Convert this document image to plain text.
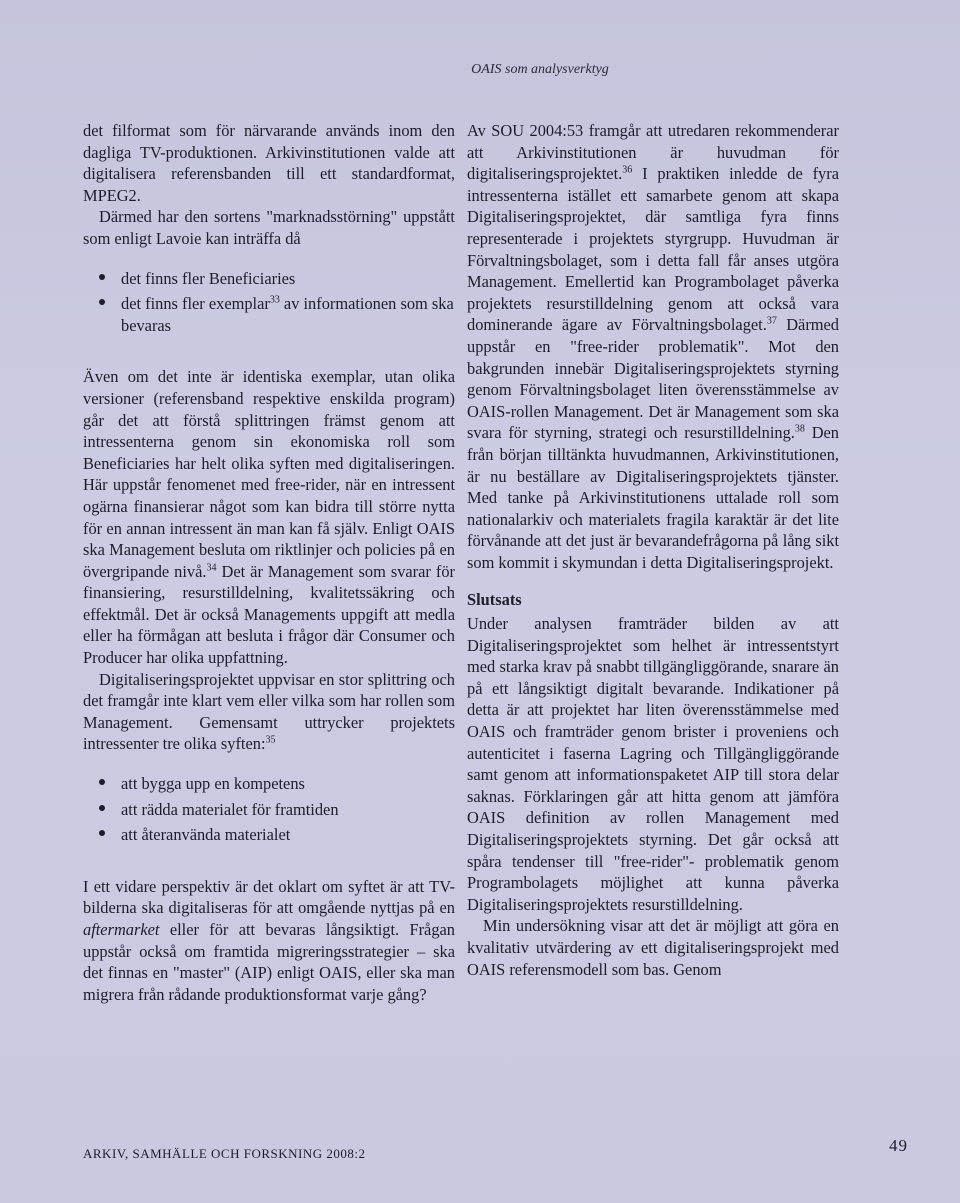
OAIS som analysverktyg

det filformat som för närvarande används inom den dagliga TV-produktionen. Arkivinstitutionen valde att digitalisera referensbanden till ett standardformat, MPEG2.

Därmed har den sortens "marknadsstörning" uppstått som enligt Lavoie kan inträffa då

det finns fler Beneficiaries
det finns fler exemplar$^{33}$ av informationen som ska bevaras

Även om det inte är identiska exemplar, utan olika versioner (referensband respektive enskilda program) går det att förstå splittringen främst genom att intressenterna genom sin ekonomiska roll som Beneficiaries har helt olika syften med digitaliseringen. Här uppstår fenomenet med free-rider, när en intressent ogärna finansierar något som kan bidra till större nytta för en annan intressent än man kan få själv. Enligt OAIS ska Management besluta om riktlinjer och policies på en övergripande nivå.$^{34}$ Det är Management som svarar för finansiering, resurstilldelning, kvalitetssäkring och effektmål. Det är också Managements uppgift att medla eller ha förmågan att besluta i frågor där Consumer och Producer har olika uppfattning.

Digitaliseringsprojektet uppvisar en stor splittring och det framgår inte klart vem eller vilka som har rollen som Management. Gemensamt uttrycker projektets intressenter tre olika syften:$^{35}$

att bygga upp en kompetens
att rädda materialet för framtiden
att återanvända materialet

I ett vidare perspektiv är det oklart om syftet är att TV-bilderna ska digitaliseras för att omgående nyttjas på en aftermarket eller för att bevaras långsiktigt. Frågan uppstår också om framtida migreringsstrategier – ska det finnas en "master" (AIP) enligt OAIS, eller ska man migrera från rådande produktionsformat varje gång?

Av SOU 2004:53 framgår att utredaren rekommenderar att Arkivinstitutionen är huvudman för digitaliseringsprojektet.$^{36}$ I praktiken inledde de fyra intressenterna istället ett samarbete genom att skapa Digitaliseringsprojektet, där samtliga fyra finns representerade i projektets styrgrupp. Huvudman är Förvaltningsbolaget, som i detta fall får anses utgöra Management. Emellertid kan Programbolaget påverka projektets resurstilldelning genom att också vara dominerande ägare av Förvaltningsbolaget.$^{37}$ Därmed uppstår en "free-rider problematik". Mot den bakgrunden innebär Digitaliseringsprojektets styrning genom Förvaltningsbolaget liten överensstämmelse av OAIS-rollen Management. Det är Management som ska svara för styrning, strategi och resurstilldelning.$^{38}$ Den från början tilltänkta huvudmannen, Arkivinstitutionen, är nu beställare av Digitaliseringsprojektets tjänster. Med tanke på Arkivinstitutionens uttalade roll som nationalarkiv och materialets fragila karaktär är det lite förvånande att det just är bevarandefrågorna på lång sikt som kommit i skymundan i detta Digitaliseringsprojekt.

Slutsats

Under analysen framträder bilden av att Digitaliseringsprojektet som helhet är intressentstyrt med starka krav på snabbt tillgängliggörande, snarare än på ett långsiktigt digitalt bevarande. Indikationer på detta är att projektet har liten överensstämmelse med OAIS och framträder genom brister i proveniens och autenticitet i faserna Lagring och Tillgängliggörande samt genom att informationspaketet AIP till stora delar saknas. Förklaringen går att hitta genom att jämföra OAIS definition av rollen Management med Digitaliseringsprojektets styrning. Det går också att spåra tendenser till "free-rider"- problematik genom Programbolagets möjlighet att kunna påverka Digitaliseringsprojektets resurstilldelning.

Min undersökning visar att det är möjligt att göra en kvalitativ utvärdering av ett digitaliseringsprojekt med OAIS referensmodell som bas. Genom

ARKIV, SAMHÄLLE OCH FORSKNING 2008:2	49
